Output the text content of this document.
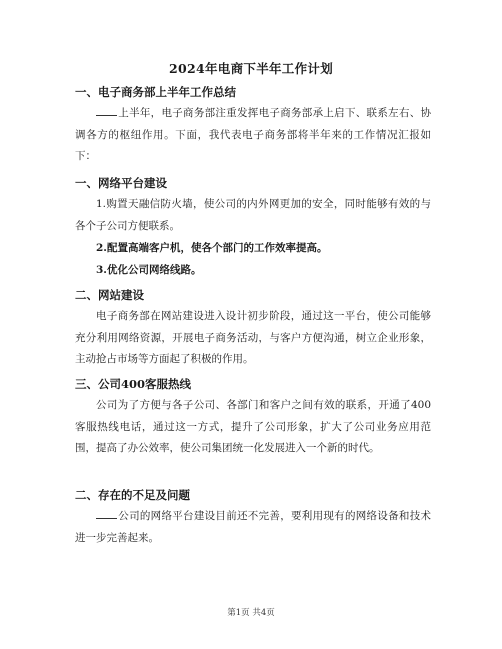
2024年电商下半年工作计划
一、电子商务部上半年工作总结
上半年，电子商务部注重发挥电子商务部承上启下、联系左右、协调各方的枢纽作用。下面，我代表电子商务部将半年来的工作情况汇报如下：
一、网络平台建设
1.购置天融信防火墙，使公司的内外网更加的安全，同时能够有效的与各个子公司方便联系。
2.配置高端客户机，使各个部门的工作效率提高。
3.优化公司网络线路。
二、网站建设
电子商务部在网站建设进入设计初步阶段，通过这一平台，使公司能够充分利用网络资源，开展电子商务活动，与客户方便沟通，树立企业形象，主动抢占市场等方面起了积极的作用。
三、公司400客服热线
公司为了方便与各子公司、各部门和客户之间有效的联系，开通了400客服热线电话，通过这一方式，提升了公司形象，扩大了公司业务应用范围，提高了办公效率，使公司集团统一化发展进入一个新的时代。
二、存在的不足及问题
公司的网络平台建设目前还不完善，要利用现有的网络设备和技术进一步完善起来。
第1页 共4页
